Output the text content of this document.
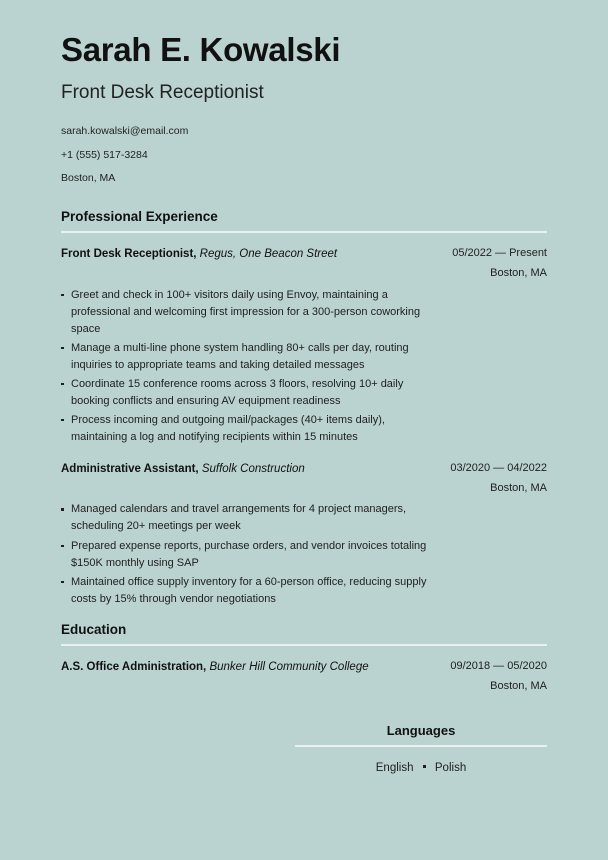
Sarah E. Kowalski
Front Desk Receptionist
sarah.kowalski@email.com
+1 (555) 517-3284
Boston, MA
Professional Experience
Front Desk Receptionist, Regus, One Beacon Street	05/2022 — Present
Boston, MA
Greet and check in 100+ visitors daily using Envoy, maintaining a professional and welcoming first impression for a 300-person coworking space
Manage a multi-line phone system handling 80+ calls per day, routing inquiries to appropriate teams and taking detailed messages
Coordinate 15 conference rooms across 3 floors, resolving 10+ daily booking conflicts and ensuring AV equipment readiness
Process incoming and outgoing mail/packages (40+ items daily), maintaining a log and notifying recipients within 15 minutes
Administrative Assistant, Suffolk Construction	03/2020 — 04/2022
Boston, MA
Managed calendars and travel arrangements for 4 project managers, scheduling 20+ meetings per week
Prepared expense reports, purchase orders, and vendor invoices totaling $150K monthly using SAP
Maintained office supply inventory for a 60-person office, reducing supply costs by 15% through vendor negotiations
Education
A.S. Office Administration, Bunker Hill Community College	09/2018 — 05/2020
Boston, MA
Languages
English Polish
